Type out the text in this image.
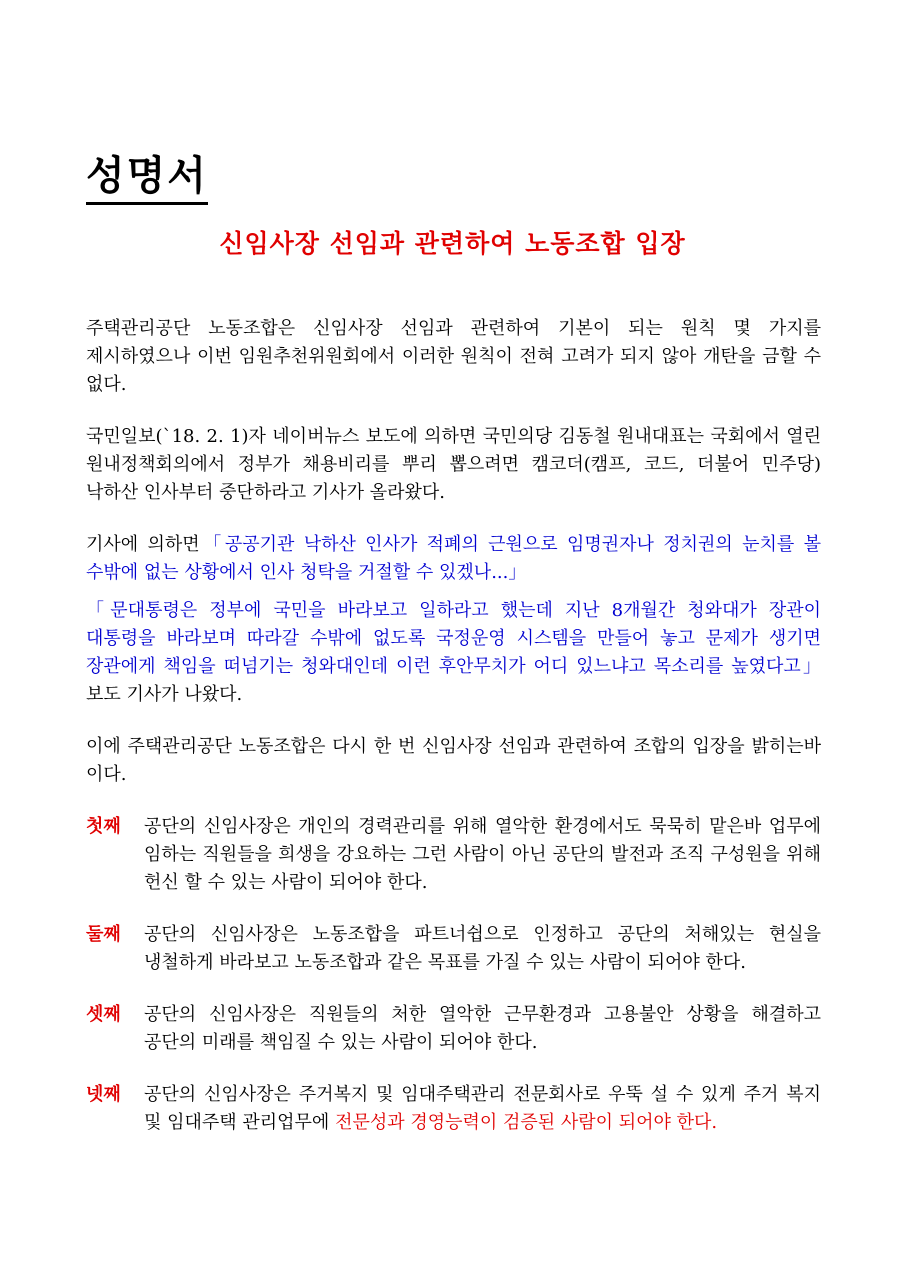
성명서
신임사장 선임과 관련하여 노동조합 입장

주택관리공단 노동조합은 신임사장 선임과 관련하여 기본이 되는 원칙 몇 가지를 제시하였으나 이번 임원추천위원회에서 이러한 원칙이 전혀 고려가 되지 않아 개탄을 금할 수 없다.

국민일보(`18. 2. 1)자 네이버뉴스 보도에 의하면 국민의당 김동철 원내대표는 국회에서 열린 원내정책회의에서 정부가 채용비리를 뿌리 뽑으려면 캠코더(캠프, 코드, 더불어 민주당) 낙하산 인사부터 중단하라고 기사가 올라왔다.

기사에 의하면「공공기관 낙하산 인사가 적폐의 근원으로 임명권자나 정치권의 눈치를 볼 수밖에 없는 상황에서 인사 청탁을 거절할 수 있겠나...」

「문대통령은 정부에 국민을 바라보고 일하라고 했는데 지난 8개월간 청와대가 장관이 대통령을 바라보며 따라갈 수밖에 없도록 국정운영 시스템을 만들어 놓고 문제가 생기면 장관에게 책임을 떠넘기는 청와대인데 이런 후안무치가 어디 있느냐고 목소리를 높였다고」 보도 기사가 나왔다.

이에 주택관리공단 노동조합은 다시 한 번 신임사장 선임과 관련하여 조합의 입장을 밝히는바 이다.

첫째	공단의 신임사장은 개인의 경력관리를 위해 열악한 환경에서도 묵묵히 맡은바 업무에 임하는 직원들을 희생을 강요하는 그런 사람이 아닌 공단의 발전과 조직 구성원을 위해 헌신 할 수 있는 사람이 되어야 한다.
둘째	공단의 신임사장은 노동조합을 파트너쉽으로 인정하고 공단의 처해있는 현실을 냉철하게 바라보고 노동조합과 같은 목표를 가질 수 있는 사람이 되어야 한다.
셋째	공단의 신임사장은 직원들의 처한 열악한 근무환경과 고용불안 상황을 해결하고 공단의 미래를 책임질 수 있는 사람이 되어야 한다.
넷째	공단의 신임사장은 주거복지 및 임대주택관리 전문회사로 우뚝 설 수 있게 주거 복지 및 임대주택 관리업무에 전문성과 경영능력이 검증된 사람이 되어야 한다.
